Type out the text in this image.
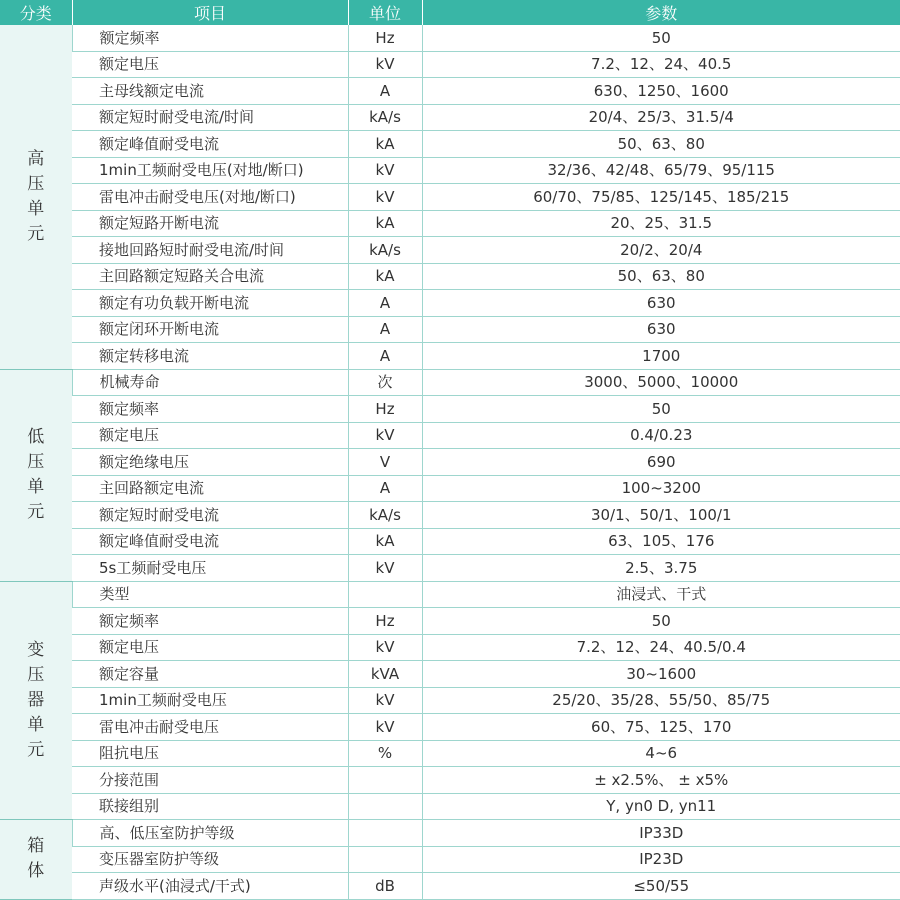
分类	项目	单位	参数
高压单元	额定频率	Hz	50
	额定电压	kV	7.2、12、24、40.5
	主母线额定电流	A	630、1250、1600
	额定短时耐受电流/时间	kA/s	20/4、25/3、31.5/4
	额定峰值耐受电流	kA	50、63、80
	1min工频耐受电压(对地/断口)	kV	32/36、42/48、65/79、95/115
	雷电冲击耐受电压(对地/断口)	kV	60/70、75/85、125/145、185/215
	额定短路开断电流	kA	20、25、31.5
	接地回路短时耐受电流/时间	kA/s	20/2、20/4
	主回路额定短路关合电流	kA	50、63、80
	额定有功负载开断电流	A	630
	额定闭环开断电流	A	630
	额定转移电流	A	1700
低压单元	机械寿命	次	3000、5000、10000
	额定频率	Hz	50
	额定电压	kV	0.4/0.23
	额定绝缘电压	V	690
	主回路额定电流	A	100~3200
	额定短时耐受电流	kA/s	30/1、50/1、100/1
	额定峰值耐受电流	kA	63、105、176
	5s工频耐受电压	kV	2.5、3.75
变压器单元	类型		油浸式、干式
	额定频率	Hz	50
	额定电压	kV	7.2、12、24、40.5/0.4
	额定容量	kVA	30~1600
	1min工频耐受电压	kV	25/20、35/28、55/50、85/75
	雷电冲击耐受电压	kV	60、75、125、170
	阻抗电压	%	4~6
	分接范围		± x2.5%、 ± x5%
	联接组别		Y, yn0 D, yn11
箱体	高、低压室防护等级		IP33D
	变压器室防护等级		IP23D
	声级水平(油浸式/干式)	dB	≤50/55
